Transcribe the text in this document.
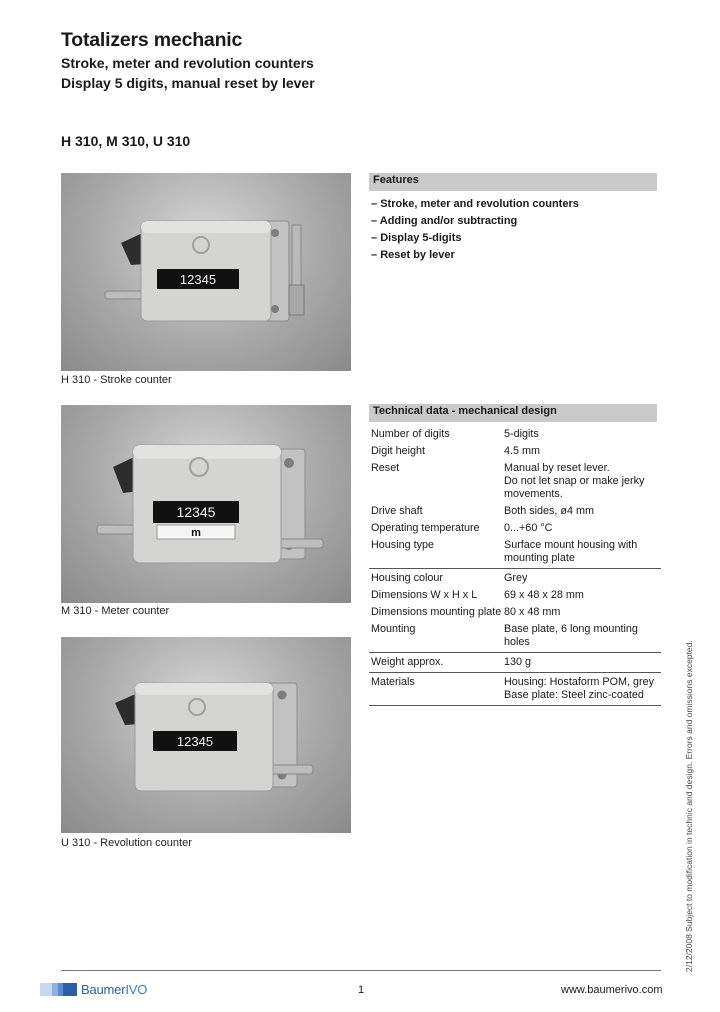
Totalizers mechanic
Stroke, meter and revolution counters
Display 5 digits, manual reset by lever
H 310, M 310, U 310
12345
H 310 - Stroke counter
12345
m
M 310 - Meter counter
12345
U 310 - Revolution counter
Features
– Stroke, meter and revolution counters
– Adding and/or subtracting
– Display 5-digits
– Reset by lever
Technical data - mechanical design
Number of digits	5-digits
Digit height	4.5 mm
Reset	Manual by reset lever.
Do not let snap or make jerky
movements.
Drive shaft	Both sides, ø4 mm
Operating temperature	0...+60 °C
Housing type	Surface mount housing with
mounting plate
Housing colour	Grey
Dimensions W x H x L	69 x 48 x 28 mm
Dimensions mounting plate 80 x 48 mm
Mounting	Base plate, 6 long mounting
holes
Weight approx.	130 g
Materials	Housing: Hostaform POM, grey
Base plate: Steel zinc-coated	2/12/2008 Subject to modification in technic and design. Errors and omissions excepted.
BaumerIVO	1	www.baumerivo.com
